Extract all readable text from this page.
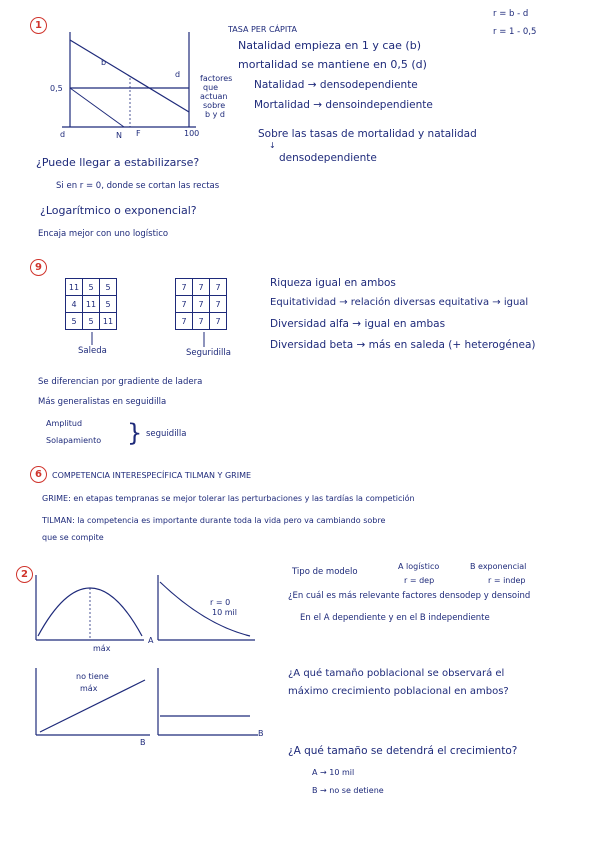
r = b - d
r = 1 - 0,5
1
0,5
b
d
d	N F	100
factores
que
actuan
sobre
b y d
TASA PER CÁPITA
Natalidad empieza en 1 y cae (b)
mortalidad se mantiene en 0,5 (d)
Natalidad → densodependiente
Mortalidad → densoindependiente
Sobre las tasas de mortalidad y natalidad
↓
densodependiente
¿Puede llegar a estabilizarse?
Si en r = 0, donde se cortan las rectas
¿Logarítmico o exponencial?
Encaja mejor con uno logístico
9
11	5	5
4	11	5
5	5	11
Saleda
7	7	7
7	7	7
7	7	7
Seguridilla
Riqueza igual en ambos
Equitatividad → relación diversas equitativa → igual
Diversidad alfa → igual en ambas
Diversidad beta → más en saleda (+ heterogénea)
Se diferencian por gradiente de ladera
Más generalistas en seguidilla
Amplitud
Solapamiento } seguidilla
6	COMPETENCIA INTERESPECÍFICA TILMAN Y GRIME
GRIME: en etapas tempranas se mejor tolerar las perturbaciones y las tardías la competición
TILMAN: la competencia es importante durante toda la vida pero va cambiando sobre
que se compite
2
A
máx
r = 0
10 mil
no tiene
máx
B
B
Tipo de modelo
A logístico	B exponencial
r = dep	r = indep
¿En cuál es más relevante factores densodep y densoind
En el A dependiente y en el B independiente
¿A qué tamaño poblacional se observará el
máximo crecimiento poblacional en ambos?
¿A qué tamaño se detendrá el crecimiento?
A → 10 mil
B → no se detiene
